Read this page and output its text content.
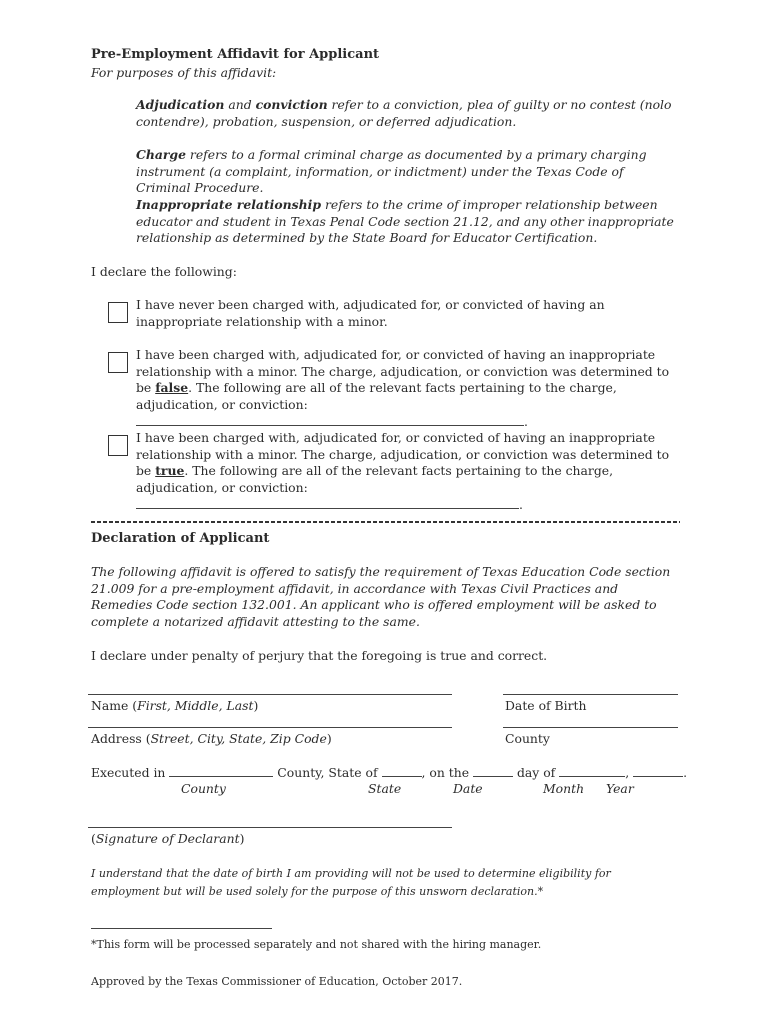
Pre-Employment Affidavit for Applicant
For purposes of this affidavit:
Adjudication and conviction refer to a conviction, plea of guilty or no contest (nolo contendre), probation, suspension, or deferred adjudication.
Charge refers to a formal criminal charge as documented by a primary charging instrument (a complaint, information, or indictment) under the Texas Code of Criminal Procedure.
Inappropriate relationship refers to the crime of improper relationship between educator and student in Texas Penal Code section 21.12, and any other inappropriate relationship as determined by the State Board for Educator Certification.
I declare the following:
I have never been charged with, adjudicated for, or convicted of having an inappropriate relationship with a minor.
I have been charged with, adjudicated for, or convicted of having an inappropriate relationship with a minor. The charge, adjudication, or conviction was determined to be false. The following are all of the relevant facts pertaining to the charge, adjudication, or conviction: .
I have been charged with, adjudicated for, or convicted of having an inappropriate relationship with a minor. The charge, adjudication, or conviction was determined to be true. The following are all of the relevant facts pertaining to the charge, adjudication, or conviction: .
Declaration of Applicant
The following affidavit is offered to satisfy the requirement of Texas Education Code section 21.009 for a pre-employment affidavit, in accordance with Texas Civil Practices and Remedies Code section 132.001. An applicant who is offered employment will be asked to complete a notarized affidavit attesting to the same.
I declare under penalty of perjury that the foregoing is true and correct.
Name (First, Middle, Last)	Date of Birth
Address (Street, City, State, Zip Code)	County
Executed in	County, State of	, on the	day of	,	.
County	State	Date	Month Year
(Signature of Declarant)
I understand that the date of birth I am providing will not be used to determine eligibility for employment but will be used solely for the purpose of this unsworn declaration.*
*This form will be processed separately and not shared with the hiring manager.
Approved by the Texas Commissioner of Education, October 2017.
